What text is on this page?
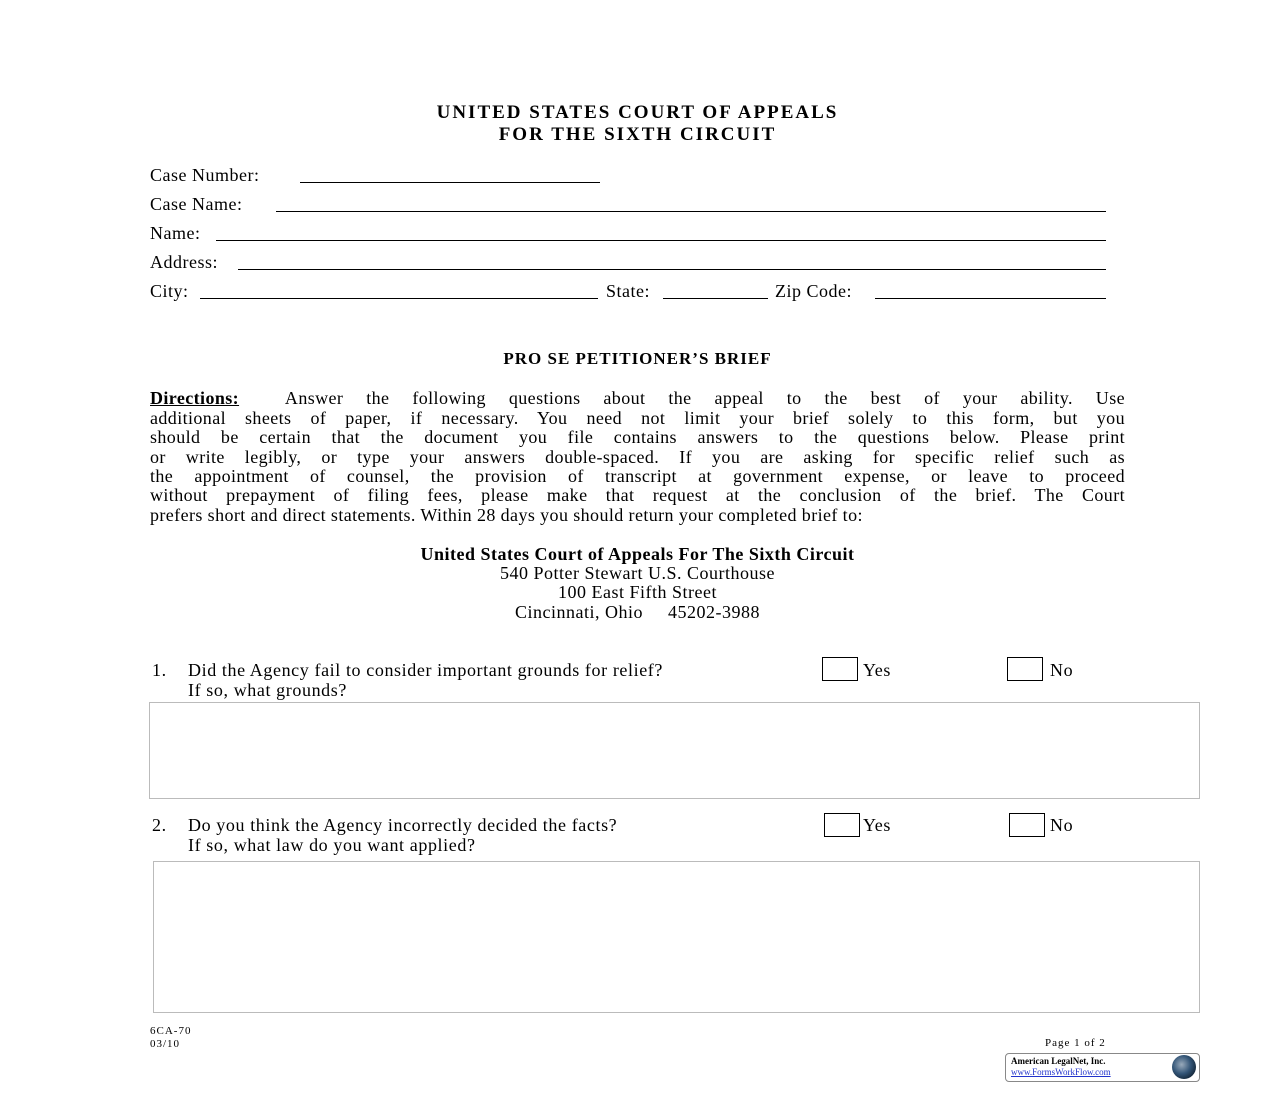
UNITED STATES COURT OF APPEALS
FOR THE SIXTH CIRCUIT
Case Number:
Case Name:
Name:
Address:
City:	State:	Zip Code:
PRO SE PETITIONER’S BRIEF
Directions:	Answer the following questions about the appeal to the best of your ability. Use
additional sheets of paper, if necessary. You need not limit your brief solely to this form, but you
should be certain that the document you file contains answers to the questions below. Please print
or write legibly, or type your answers double-spaced. If you are asking for specific relief such as
the appointment of counsel, the provision of transcript at government expense, or leave to proceed
without prepayment of filing fees, please make that request at the conclusion of the brief. The Court
prefers short and direct statements. Within 28 days you should return your completed brief to:
United States Court of Appeals For The Sixth Circuit
540 Potter Stewart U.S. Courthouse
100 East Fifth Street
Cincinnati, Ohio     45202-3988
1. Did the Agency fail to consider important grounds for relief?
If so, what grounds?
Yes	No
2. Do you think the Agency incorrectly decided the facts?
If so, what law do you want applied?
Yes	No
6CA-70
03/10	Page 1 of 2
American LegalNet, Inc.
www.FormsWorkFlow.com
